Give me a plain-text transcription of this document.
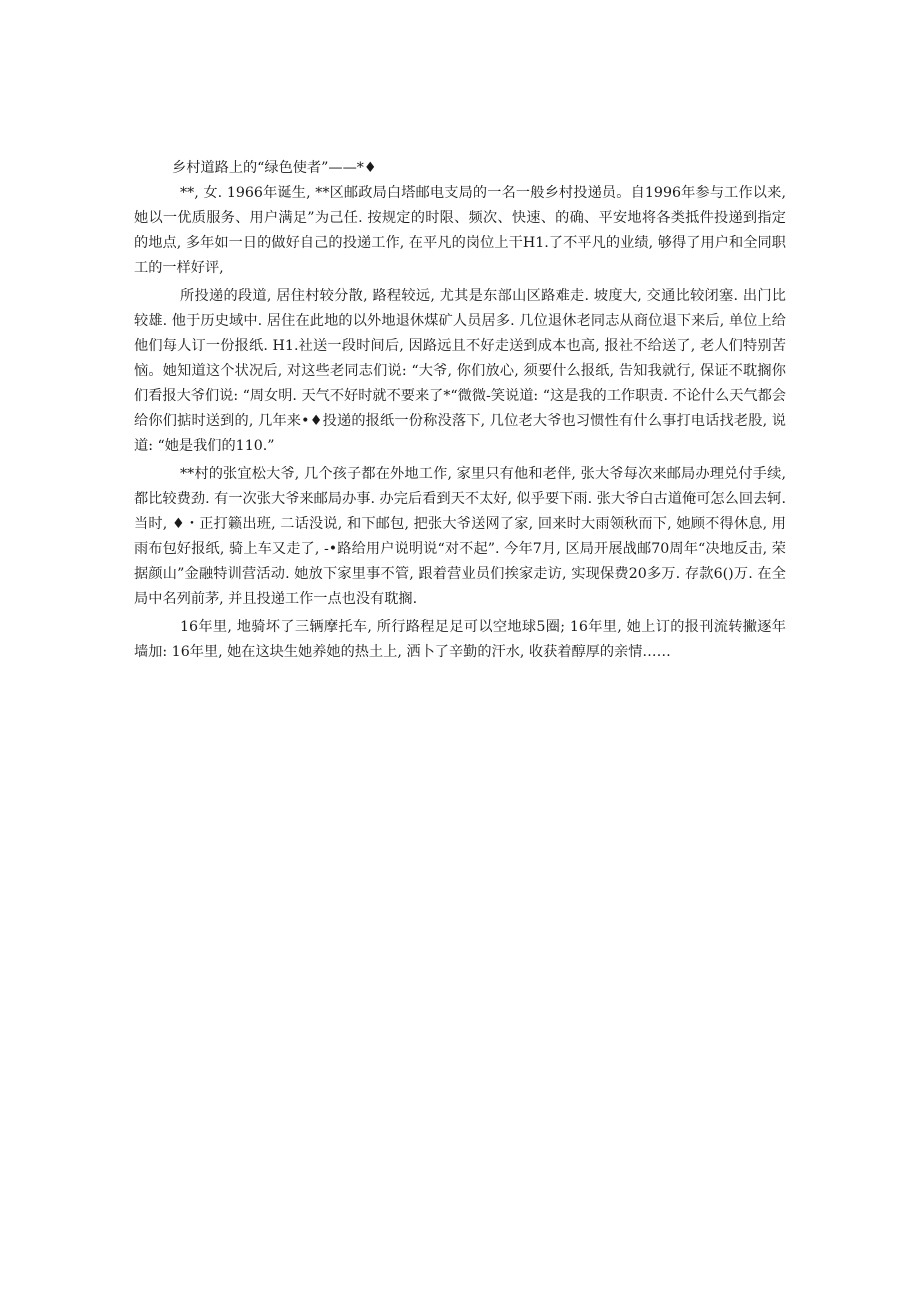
乡村道路上的“绿色使者”——*♦

**, 女. 1966年诞生, **区邮政局白塔邮电支局的一名一般乡村投递员。自1996年参与工作以来, 她以一优质服务、用户满足”为己任. 按规定的时限、频次、快速、的确、平安地将各类抵件投递到指定的地点, 多年如一日的做好自己的投递工作, 在平凡的岗位上干H1.了不平凡的业绩, 够得了用户和全同职工的一样好评,

所投递的段道, 居住村较分散, 路程较远, 尤其是东部山区路难走. 坡度大, 交通比较闭塞. 出门比较雄. 他于历史域中. 居住在此地的以外地退休煤矿人员居多. 几位退休老同志从商位退下来后, 单位上给他们每人订一份报纸. H1.社送一段时间后, 因路远且不好走送到成本也高, 报社不给送了, 老人们特别苦恼。她知道这个状况后, 对这些老同志们说: “大爷, 你们放心, 须要什么报纸, 告知我就行, 保证不耽搁你们看报大爷们说: “周女明. 天气不好时就不要来了*“微微-笑说道: “这是我的工作职责. 不论什么天气都会给你们掂时送到的, 几年来•♦投递的报纸一份称没落下, 几位老大爷也习惯性有什么事打电话找老股, 说道: “她是我们的110.”

**村的张宜松大爷, 几个孩子都在外地工作, 家里只有他和老伴, 张大爷每次来邮局办理兑付手续, 都比较费劲. 有一次张大爷来邮局办事. 办完后看到天不太好, 似乎要下雨. 张大爷白古道俺可怎么回去轲. 当时, ♦・正打籁出班, 二话没说, 和下邮包, 把张大爷送网了家, 回来时大雨领秋而下, 她顾不得休息, 用雨布包好报纸, 骑上车又走了, -•路给用户说明说“对不起”. 今年7月, 区局开展战邮70周年“决地反击, 荣据颜山”金融特训营活动. 她放下家里事不管, 跟着营业员们挨家走访, 实现保费20多万. 存款6()万. 在全局中名列前茅, 并且投递工作一点也没有耽搁.

16年里, 地骑坏了三辆摩托车, 所行路程足足可以空地球5圈; 16年里, 她上订的报刊流转撇逐年墙加: 16年里, 她在这块生她养她的热土上, 洒卜了辛勤的汗水, 收获着醇厚的亲情……
